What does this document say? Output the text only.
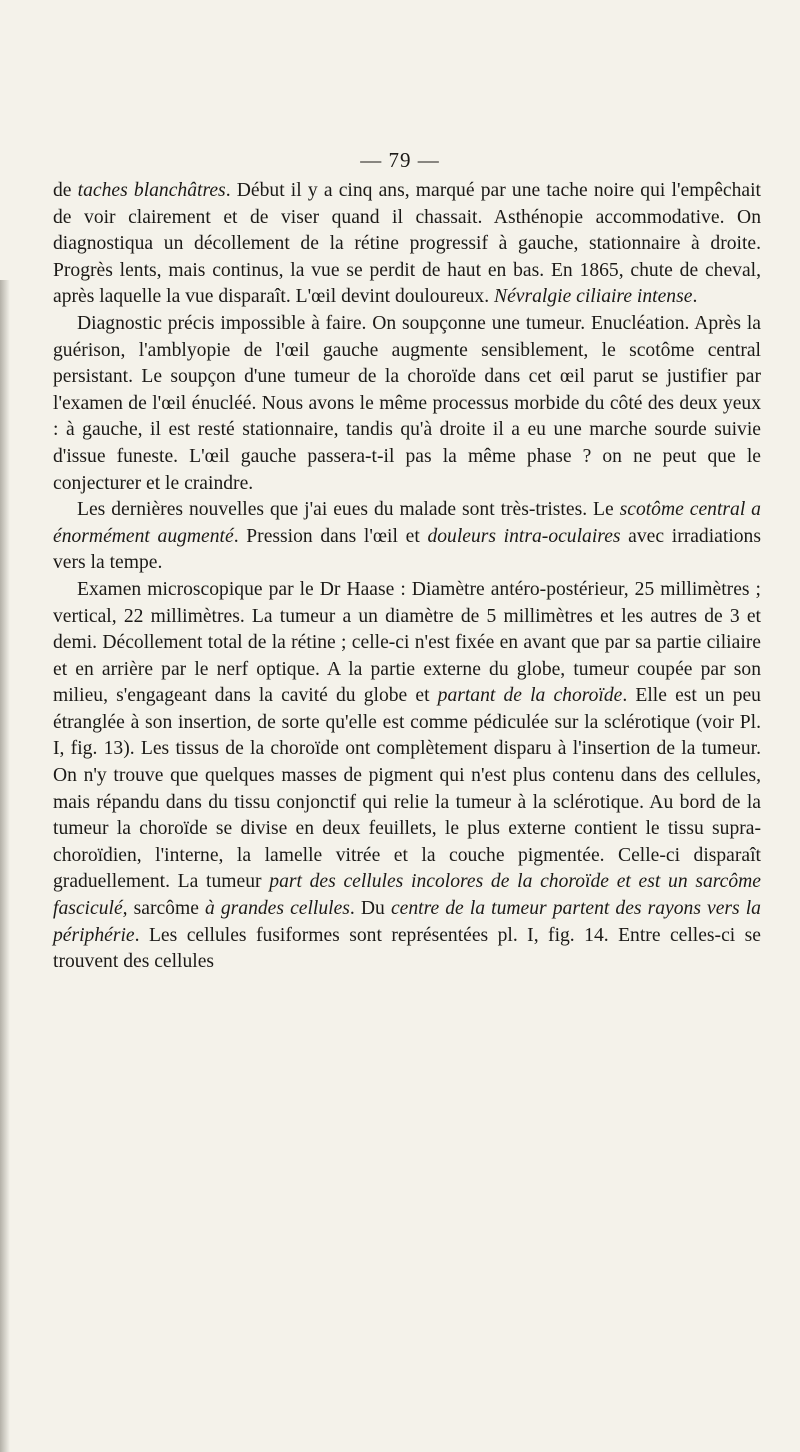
— 79 —

de taches blanchâtres. Début il y a cinq ans, marqué par une tache noire qui l'empêchait de voir clairement et de viser quand il chassait. Asthénopie accommodative. On diagnostiqua un décollement de la rétine progressif à gauche, stationnaire à droite. Progrès lents, mais continus, la vue se perdit de haut en bas. En 1865, chute de cheval, après laquelle la vue disparaît. L'œil devint douloureux. Névralgie ciliaire intense.

Diagnostic précis impossible à faire. On soupçonne une tumeur. Enucléation. Après la guérison, l'amblyopie de l'œil gauche augmente sensiblement, le scotôme central persistant. Le soupçon d'une tumeur de la choroïde dans cet œil parut se justifier par l'examen de l'œil énucléé. Nous avons le même processus morbide du côté des deux yeux : à gauche, il est resté stationnaire, tandis qu'à droite il a eu une marche sourde suivie d'issue funeste. L'œil gauche passera-t-il pas la même phase ? on ne peut que le conjecturer et le craindre.

Les dernières nouvelles que j'ai eues du malade sont très-tristes. Le scotôme central a énormément augmenté. Pression dans l'œil et douleurs intra-oculaires avec irradiations vers la tempe.

Examen microscopique par le Dr Haase : Diamètre antéro-postérieur, 25 millimètres ; vertical, 22 millimètres. La tumeur a un diamètre de 5 millimètres et les autres de 3 et demi. Décollement total de la rétine ; celle-ci n'est fixée en avant que par sa partie ciliaire et en arrière par le nerf optique. A la partie externe du globe, tumeur coupée par son milieu, s'engageant dans la cavité du globe et partant de la choroïde. Elle est un peu étranglée à son insertion, de sorte qu'elle est comme pédiculée sur la sclérotique (voir Pl. I, fig. 13). Les tissus de la choroïde ont complètement disparu à l'insertion de la tumeur. On n'y trouve que quelques masses de pigment qui n'est plus contenu dans des cellules, mais répandu dans du tissu conjonctif qui relie la tumeur à la sclérotique. Au bord de la tumeur la choroïde se divise en deux feuillets, le plus externe contient le tissu supra-choroïdien, l'interne, la lamelle vitrée et la couche pigmentée. Celle-ci disparaît graduellement. La tumeur part des cellules incolores de la choroïde et est un sarcôme fasciculé, sarcôme à grandes cellules. Du centre de la tumeur partent des rayons vers la périphérie. Les cellules fusiformes sont représentées pl. I, fig. 14. Entre celles-ci se trouvent des cellules
